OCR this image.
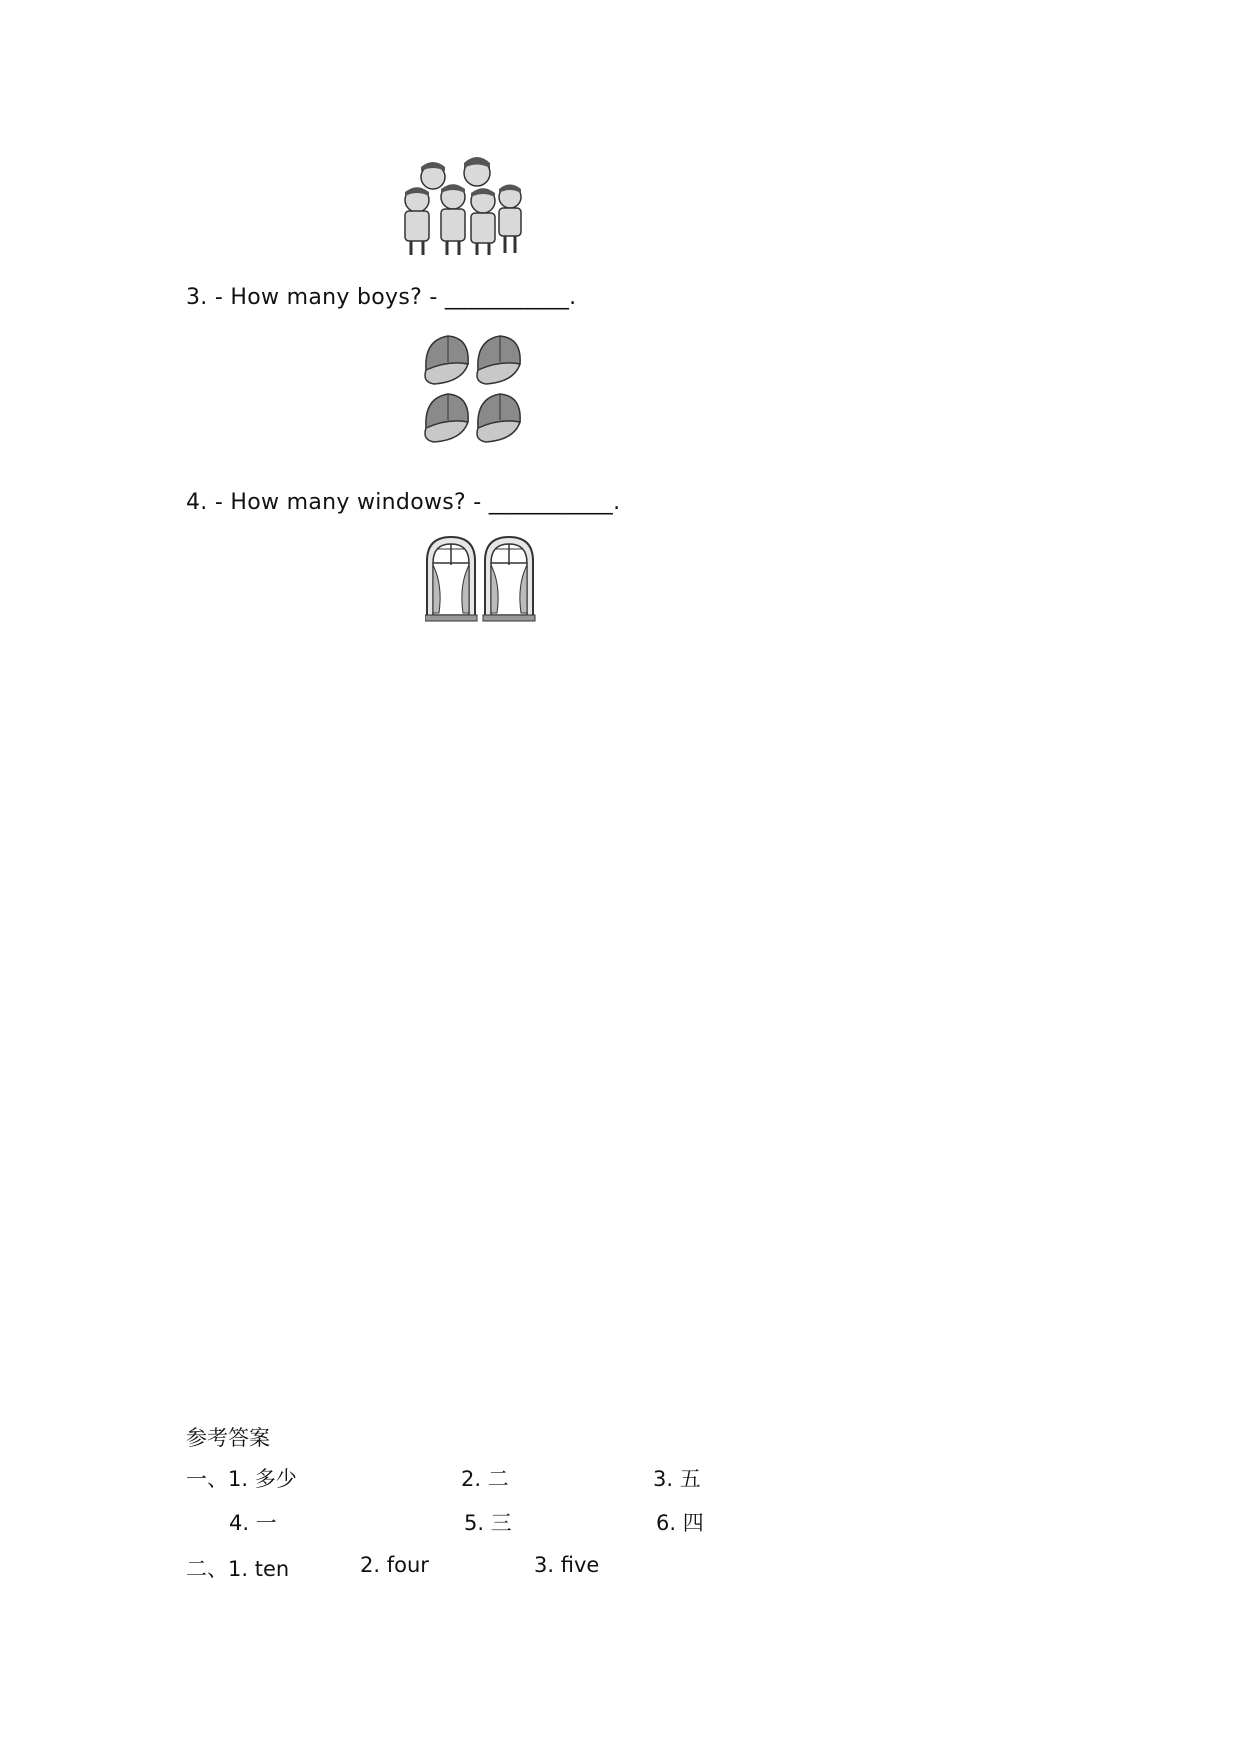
3. - How many boys? - ___________.
4. - How many windows? - ___________.
参考答案
一、1. 多少	2. 二	3. 五
4. 一	5. 三	6. 四
二、1. ten	2. four	3. five
